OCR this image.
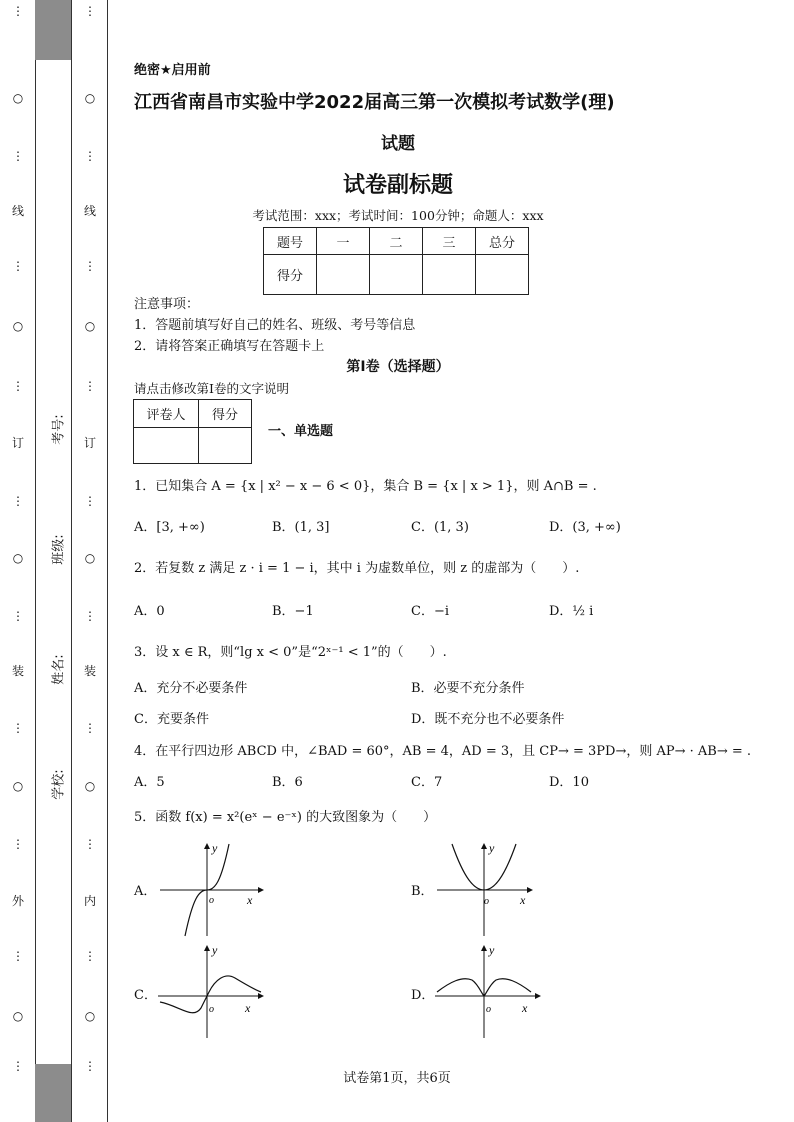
⋮
○
⋮
线
⋮
○
⋮
订
⋮
○
⋮
装
⋮
○
⋮
外
⋮
○
⋮
⋮
○
⋮
线
⋮
○
⋮
订
⋮
○
⋮
装
⋮
○
⋮
内
⋮
○
⋮
考号:
班级:
姓名:
学校:
绝密★启用前
江西省南昌市实验中学2022届高三第一次模拟考试数学(理)
试题
试卷副标题
考试范围：xxx；考试时间：100分钟；命题人：xxx
题号	一	二	三	总分
得分				
注意事项：
1．答题前填写好自己的姓名、班级、考号等信息
2．请将答案正确填写在答题卡上
第I卷（选择题）
请点击修改第I卷的文字说明
评卷人	得分

一、单选题
1．已知集合 A = {x | x² − x − 6 < 0}，集合 B = {x | x > 1}，则 A∩B = .
A．[3, +∞)	B．(1, 3]	C．(1, 3)	D．(3, +∞)
2．若复数 z 满足 z · i = 1 − i，其中 i 为虚数单位，则 z 的虚部为（　　）.
A．0	B．−1	C．−i	D．½ i
3．设 x ∈ R，则“lg x < 0”是“2ˣ⁻¹ < 1”的（　　）.
A．充分不必要条件	B．必要不充分条件
C．充要条件	D．既不充分也不必要条件
4．在平行四边形 ABCD 中，∠BAD = 60°，AB = 4，AD = 3，且 CP→ = 3PD→，则 AP→ · AB→ = .
A．5	B．6	C．7	D．10
5．函数 f(x) = x²(eˣ − e⁻ˣ) 的大致图象为（　　）
A．	B．
C．	D．
y
x
o
y
x
o
y
x
o
y
x
o
试卷第1页，共6页
